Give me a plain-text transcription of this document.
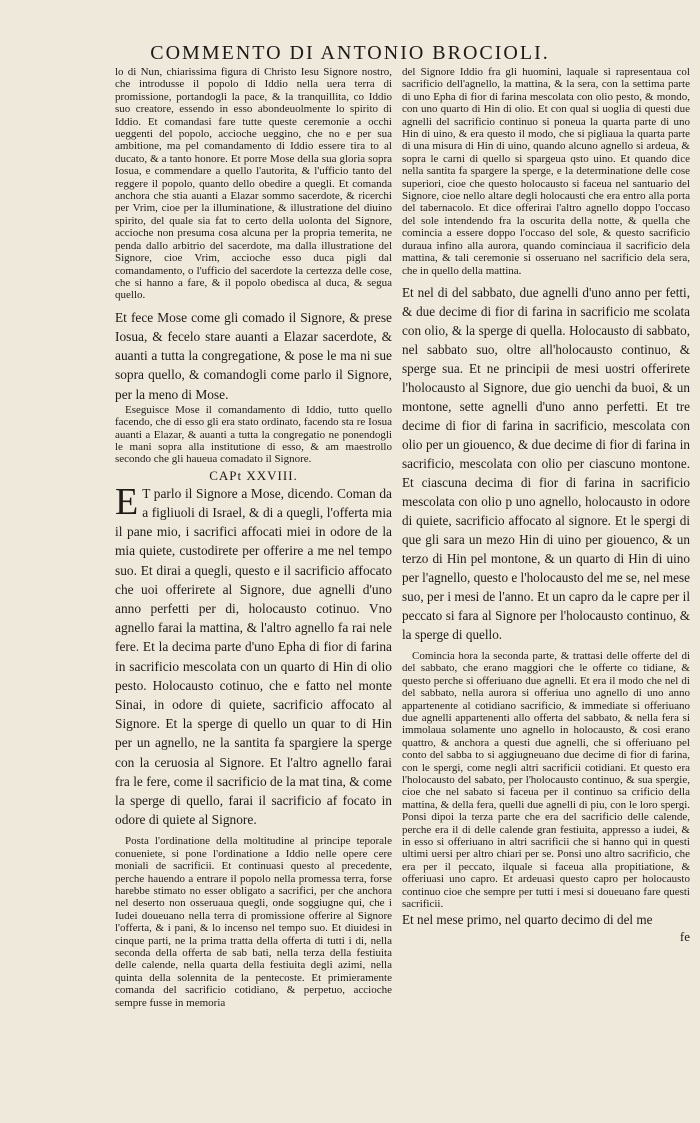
COMMENTO DI ANTONIO BROCIOLI.

lo di Nun, chiarissima figura di Christo Iesu Signore nostro, che introdusse il popolo di Iddio nella uera terra di promissione, portandogli la pace, & la tranquillita, co Iddio suo creatore, essendo in esso abondeuolmente lo spirito di Iddio. Et comandasi fare tutte queste ceremonie a occhi ueggenti del popolo, accioche ueggino, che no e per sua ambitione, ma pel comandamento di Iddio essere tira to al ducato, & a tanto honore. Et porre Mose della sua gloria sopra Iosua, e commendare a quello l'autorita, & l'ufficio tanto del reggere il popolo, quanto dello obedire a quegli. Et comanda anchora che stia auanti a Elazar sommo sacerdote, & ricerchi per Vrim, cioe per la illuminatione, & illustratione del diuino spirito, del quale sia fat to certo della uolonta del Signore, accioche non presuma cosa alcuna per la propria temerita, ne penda dallo arbitrio del sacerdote, ma dalla illustratione del Signore, cioe Vrim, accioche esso duca pigli dal comandamento, o l'ufficio del sacerdote la certezza delle cose, che si hanno a fare, & il popolo obedisca al duca, & segua quello.

Et fece Mose come gli comado il Signore, & prese Iosua, & fecelo stare auanti a Elazar sacerdote, & auanti a tutta la congregatione, & pose le ma ni sue sopra quello, & comandogli come parlo il Signore, per la meno di Mose.

Eseguisce Mose il comandamento di Iddio, tutto quello facendo, che di esso gli era stato ordinato, facendo sta re Iosua auanti a Elazar, & auanti a tutta la congregatio ne ponendogli le mani sopra alla institutione di esso, & am maestrollo secondo che gli haueua comadato il Signore.

CAPt XXVIII.

E T parlo il Signore a Mose, dicendo. Coman da a figliuoli di Israel, & di a quegli, l'offerta mia il pane mio, i sacrifici affocati miei in odore de la mia quiete, custodirete per offerire a me nel tempo suo. Et dirai a quegli, questo e il sacrificio affocato che uoi offerirete al Signore, due agnelli d'uno anno perfetti per di, holocausto cotinuo. Vno agnello farai la mattina, & l'altro agnello fa rai nele fere. Et la decima parte d'uno Epha di fior di farina in sacrificio mescolata con un quarto di Hin di olio pesto. Holocausto cotinuo, che e fatto nel monte Sinai, in odore di quiete, sacrificio affocato al Signore. Et la sperge di quello un quar to di Hin per un agnello, ne la santita fa spargiere la sperge con la ceruosia al Signore. Et l'altro agnello farai fra le fere, come il sacrificio de la mat tina, & come la sperge di quello, farai il sacrificio af focato in odore di quiete al Signore.

Posta l'ordinatione della moltitudine al principe teporale conueniete, si pone l'ordinatione a Iddio nelle opere cere moniali de sacrificii. Et continuasi questo al precedente, perche hauendo a entrare il popolo nella promessa terra, forse harebbe stimato no esser obligato a sacrifici, per che anchora nel deserto non osseruaua quegli, onde soggiugne qui, che i Iudei doueuano nella terra di promissione offerire al Signore l'offerta, & i pani, & lo incenso nel tempo suo. Et diuidesi in cinque parti, ne la prima tratta della offerta di tutti i di, nella seconda della offerta de sab bati, nella terza della festiuita delle calende, nella quarta della festiuita degli azimi, nella quinta della solennita de la pentecoste. Et primieramente comanda del sacrificio cotidiano, & perpetuo, accioche sempre fusse in memoria

del Signore Iddio fra gli huomini, laquale si rapresentaua col sacrificio dell'agnello, la mattina, & la sera, con la settima parte di uno Epha di fior di farina mescolata con olio pesto, & mondo, con uno quarto di Hin di olio. Et con qual si uoglia di questi due agnelli del sacrificio continuo si poneua la quarta parte di uno Hin di uino, & era questo il modo, che si pigliaua la quarta parte di una misura di Hin di uino, quando alcuno agnello si ardeua, & sopra le carni di quello si spargeua qsto uino. Et quando dice nella santita fa spargere la sperge, e la determinatione delle cose superiori, cioe che questo holocausto si faceua nel santuario del Signore, cioe nello altare degli holocausti che era entro alla porta del tabernacolo. Et dice offerirai l'altro agnello doppo l'occaso del sole intendendo fra la oscurita della notte, & quella che comincia a essere doppo l'occaso del sole, & questo sacrificio duraua infino alla aurora, quando cominciaua il sacrificio dela mattina, & tali ceremonie si osseruano nel sacrificio dela sera, che in quello della mattina.

Et nel di del sabbato, due agnelli d'uno anno per fetti, & due decime di fior di farina in sacrificio me scolata con olio, & la sperge di quella. Holocausto di sabbato, nel sabbato suo, oltre all'holocausto continuo, & sperge sua. Et ne principii de mesi uostri offerirete l'holocausto al Signore, due gio uenchi da buoi, & un montone, sette agnelli d'uno anno perfetti. Et tre decime di fior di farina in sacrificio, mescolata con olio per un giouenco, & due decime di fior di farina in sacrificio, mescolata con olio per ciascuno montone. Et ciascuna decima di fior di farina in sacrificio mescolata con olio p uno agnello, holocausto in odore di quiete, sacrificio affocato al signore. Et le spergi di que gli sara un mezo Hin di uino per giouenco, & un terzo di Hin pel montone, & un quarto di Hin di uino per l'agnello, questo e l'holocausto del me se, nel mese suo, per i mesi de l'anno. Et un capro da le capre per il peccato si fara al Signore per l'holocausto continuo, & la sperge di quello.

Comincia hora la seconda parte, & trattasi delle offerte del di del sabbato, che erano maggiori che le offerte co tidiane, & questo perche si offeriuano due agnelli. Et era il modo che nel di del sabbato, nella aurora si offeriua uno agnello di uno anno appartenente al cotidiano sacrificio, & immediate si offeriuano due agnelli appartenenti allo offerta del sabbato, & nella fera si immolaua solamente uno agnello in holocausto, & cosi erano quattro, & anchora a questi due agnelli, che si offeriuano pel conto del sabba to si aggiugneuano due decime di fior di farina, con le spergi, come negli altri sacrificii cotidiani. Et questo era l'holocausto del sabato, per l'holocausto continuo, & sua spergie, cioe che nel sabato si faceua per il continuo sa crificio della mattina, & della fera, quelli due agnelli di piu, con le loro spergi. Ponsi dipoi la terza parte che era del sacrificio delle calende, perche era il di delle calende gran festiuita, appresso a iudei, & in esso si offeriuano in altri sacrificii che si hanno qui in questi ultimi uersi per altro chiari per se. Ponsi uno altro sacrificio, che era per il peccato, ilquale si faceua alla propitiatione, & offeriuasi uno capro. Et ardeuasi questo capro per holocausto continuo cioe che sempre per tutti i mesi si doueuano fare questi sacrificii.

Et nel mese primo, nel quarto decimo di del me

fe
